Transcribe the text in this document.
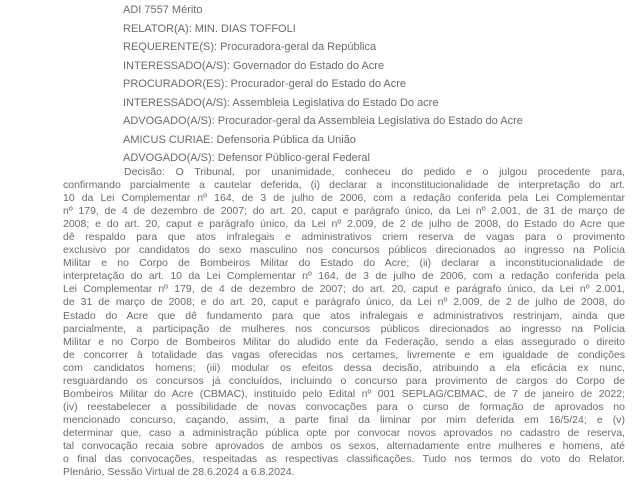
ADI 7557 Mérito
RELATOR(A): MIN. DIAS TOFFOLI
REQUERENTE(S): Procuradora-geral da República
INTERESSADO(A/S): Governador do Estado do Acre
PROCURADOR(ES): Procurador-geral do Estado do Acre
INTERESSADO(A/S): Assembleia Legislativa do Estado Do acre
ADVOGADO(A/S): Procurador-geral da Assembleia Legislativa do Estado do Acre
AMICUS CURIAE: Defensoria Pública da União
ADVOGADO(A/S): Defensor Público-geral Federal
Decisão: O Tribunal, por unanimidade, conheceu do pedido e o julgou procedente para,
confirmando parcialmente a cautelar deferida, (i) declarar a inconstitucionalidade de interpretação do art.
10 da Lei Complementar nº 164, de 3 de julho de 2006, com a redação conferida pela Lei Complementar
nº 179, de 4 de dezembro de 2007; do art. 20, caput e parágrafo único, da Lei nº 2.001, de 31 de março de
2008; e do art. 20, caput e parágrafo único, da Lei nº 2.009, de 2 de julho de 2008, do Estado do Acre que
dê respaldo para que atos infralegais e administrativos criem reserva de vagas para o provimento
exclusivo por candidatos do sexo masculino nos concursos públicos direcionados ao ingresso na Polícia
Militar e no Corpo de Bombeiros Militar do Estado do Acre; (ii) declarar a inconstitucionalidade de
interpretação do art. 10 da Lei Complementar nº 164, de 3 de julho de 2006, com a redação conferida pela
Lei Complementar nº 179, de 4 de dezembro de 2007; do art. 20, caput e parágrafo único, da Lei nº 2.001,
de 31 de março de 2008; e do art. 20, caput e parágrafo único, da Lei nº 2.009, de 2 de julho de 2008, do
Estado do Acre que dê fundamento para que atos infralegais e administrativos restrinjam, ainda que
parcialmente, a participação de mulheres nos concursos públicos direcionados ao ingresso na Polícia
Militar e no Corpo de Bombeiros Militar do aludido ente da Federação, sendo a elas assegurado o direito
de concorrer à totalidade das vagas oferecidas nos certames, livremente e em igualdade de condições
com candidatos homens; (iii) modular os efeitos dessa decisão, atribuindo a ela eficácia ex nunc,
resguardando os concursos já concluídos, incluindo o concurso para provimento de cargos do Corpo de
Bombeiros Militar do Acre (CBMAC), instituído pelo Edital nº 001 SEPLAG/CBMAC, de 7 de janeiro de 2022;
(iv) reestabelecer a possibilidade de novas convocações para o curso de formação de aprovados no
mencionado concurso, caçando, assim, a parte final da liminar por mim deferida em 16/5/24; e (v)
determinar que, caso a administração pública opte por convocar novos aprovados no cadastro de reserva,
tal convocação recaia sobre aprovados de ambos os sexos, alternadamente entre mulheres e homens, até
o final das convocações, respeitadas as respectivas classificações. Tudo nos termos do voto do Relator.
Plenário, Sessão Virtual de 28.6.2024 a 6.8.2024.
